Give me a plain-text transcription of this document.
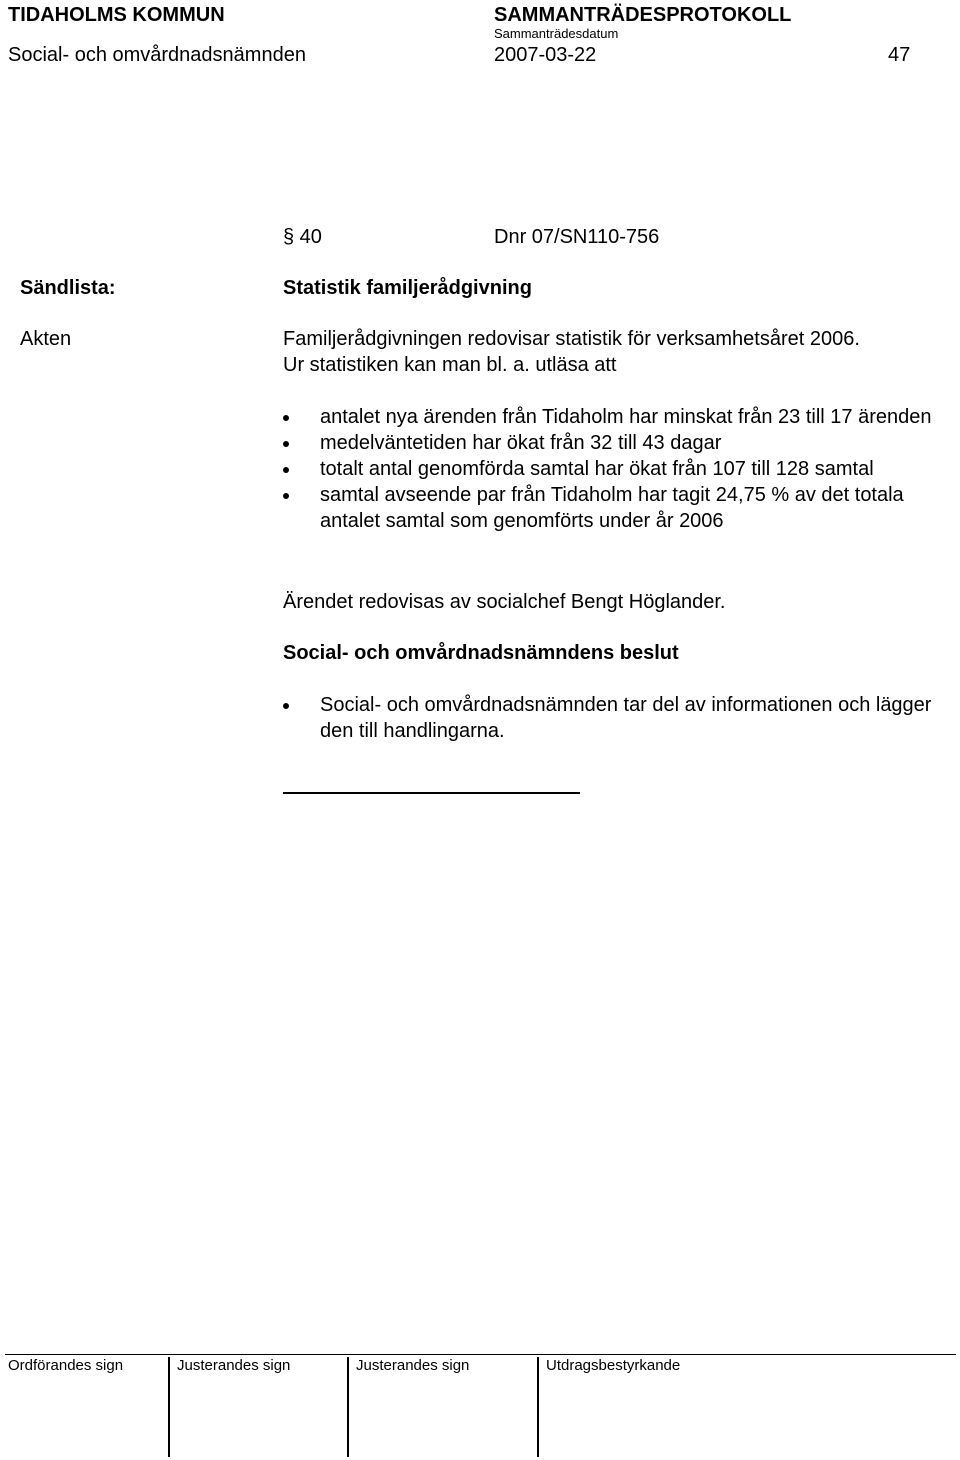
TIDAHOLMS KOMMUN	SAMMANTRÄDESPROTOKOLL
Sammanträdesdatum
Social- och omvårdnadsnämnden	2007-03-22	47
§ 40	Dnr 07/SN110-756
Sändlista:	Statistik familjerådgivning
Akten	Familjerådgivningen redovisar statistik för verksamhetsåret 2006.
Ur statistiken kan man bl. a. utläsa att
antalet nya ärenden från Tidaholm har minskat från 23 till 17 ärenden
medelväntetiden har ökat från 32 till 43 dagar
totalt antal genomförda samtal har ökat från 107 till 128 samtal
samtal avseende par från Tidaholm har tagit 24,75 % av det totala antalet samtal som genomförts under år 2006
Ärendet redovisas av socialchef Bengt Höglander.
Social- och omvårdnadsnämndens beslut
Social- och omvårdnadsnämnden tar del av informationen och lägger den till handlingarna.
Ordförandes sign	Justerandes sign	Justerandes sign	Utdragsbestyrkande
